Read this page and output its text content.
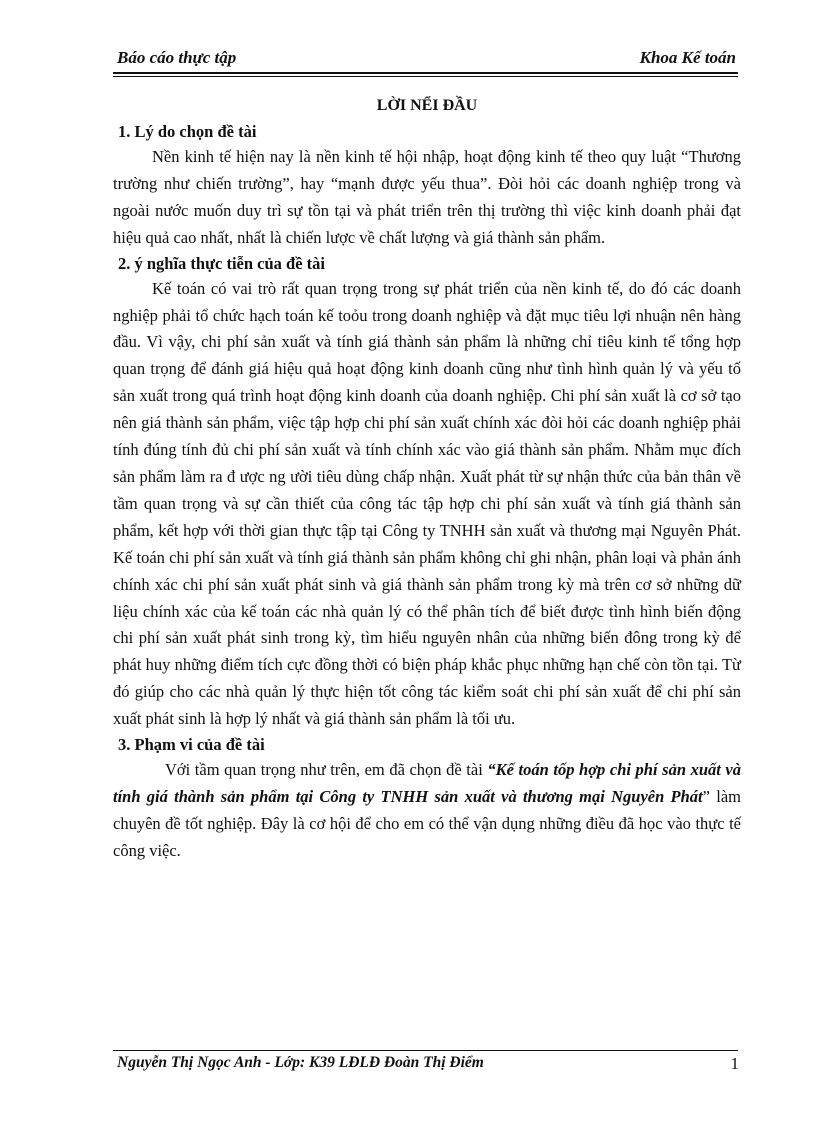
Báo cáo thực tập	Khoa Kế toán
LỜI NỂI ĐẦU
1. Lý do chọn đề tài

Nền kinh tế hiện nay là nền kinh tế hội nhập, hoạt động kinh tế theo quy luật “Thương trường như chiến trường”, hay “mạnh được yếu thua”. Đòi hỏi các doanh nghiệp trong và ngoài nước muốn duy trì sự tồn tại và phát triển trên thị trường thì việc kinh doanh phải đạt hiệu quả cao nhất, nhất là chiến lược về chất lượng và giá thành sản phẩm.

2. ý nghĩa thực tiễn của đề tài

Kế toán có vai trò rất quan trọng trong sự phát triển của nền kinh tế, do đó các doanh nghiệp phải tổ chức hạch toán kế toỏu trong doanh nghiệp và đặt mục tiêu lợi nhuận nên hàng đầu. Vì vậy, chi phí sản xuất và tính giá thành sản phẩm là những chỉ tiêu kinh tế tổng hợp quan trọng để đánh giá hiệu quả hoạt động kinh doanh cũng như tình hình quản lý và yếu tố sản xuất trong quá trình hoạt động kinh doanh của doanh nghiệp. Chi phí sản xuất là cơ sở tạo nên giá thành sản phẩm, việc tập hợp chi phí sản xuất chính xác đòi hỏi các doanh nghiệp phải tính đúng tính đủ chi phí sản xuất và tính chính xác vào giá thành sản phẩm. Nhằm mục đích sản phẩm làm ra đ ược ng ười tiêu dùng chấp nhận. Xuất phát từ sự nhận thức của bản thân về tầm quan trọng và sự cần thiết của công tác tập hợp chi phí sản xuất và tính giá thành sản phẩm, kết hợp với thời gian thực tập tại Công ty TNHH sản xuất và thương mại Nguyên Phát. Kế toán chi phí sản xuất và tính giá thành sản phẩm không chỉ ghi nhận, phân loại và phản ánh chính xác chi phí sản xuất phát sinh và giá thành sản phẩm trong kỳ mà trên cơ sở những dữ liệu chính xác của kế toán các nhà quản lý có thể phân tích để biết được tình hình biến động chi phí sản xuất phát sinh trong kỳ, tìm hiểu nguyên nhân của những biến đông trong kỳ để phát huy những điểm tích cực đồng thời có biện pháp khắc phục những hạn chế còn tồn tại. Từ đó giúp cho các nhà quản lý thực hiện tốt công tác kiểm soát chi phí sản xuất để chi phí sản xuất phát sinh là hợp lý nhất và giá thành sản phẩm là tối ưu.

3. Phạm vi của đề tài

Với tầm quan trọng như trên, em đã chọn đề tài “Kế toán tốp hợp chi phí sản xuất và tính giá thành sản phẩm tại Công ty TNHH sản xuất và thương mại Nguyên Phát” làm chuyên đề tốt nghiệp. Đây là cơ hội để cho em có thể vận dụng những điều đã học vào thực tế công việc.

Nguyễn Thị Ngọc Anh - Lớp: K39 LĐLĐ Đoàn Thị Điểm	1
